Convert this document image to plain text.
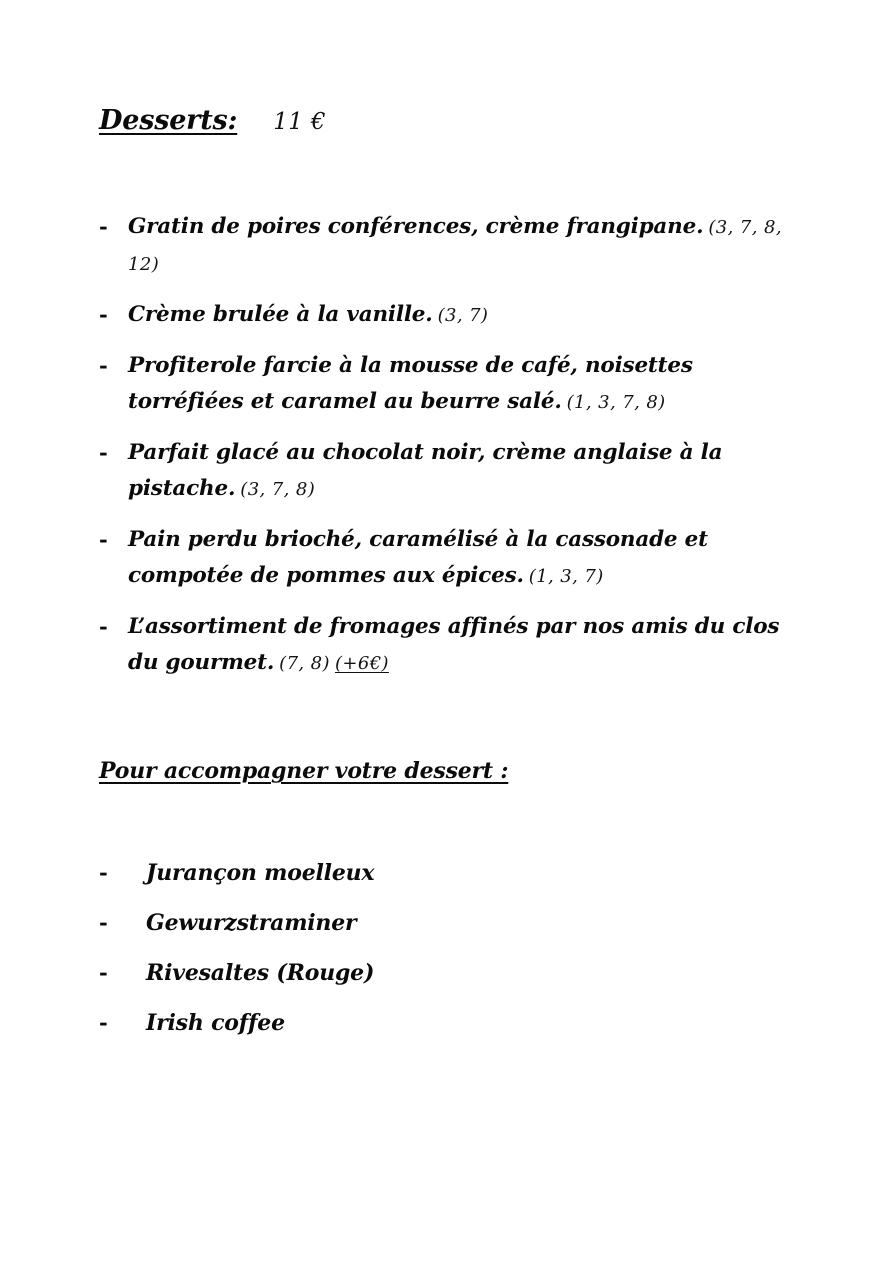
Desserts: 11 €
- Gratin de poires conférences, crème frangipane. (3, 7, 8, 12)
- Crème brulée à la vanille. (3, 7)
- Profiterole farcie à la mousse de café, noisettes torréfiées et caramel au beurre salé. (1, 3, 7, 8)
- Parfait glacé au chocolat noir, crème anglaise à la pistache. (3, 7, 8)
- Pain perdu brioché, caramélisé à la cassonade et compotée de pommes aux épices. (1, 3, 7)
- L’assortiment de fromages affinés par nos amis du clos du gourmet. (7, 8) (+6€)
Pour accompagner votre dessert :
-	Jurançon moelleux
-	Gewurzstraminer
-	Rivesaltes (Rouge)
-	Irish coffee
